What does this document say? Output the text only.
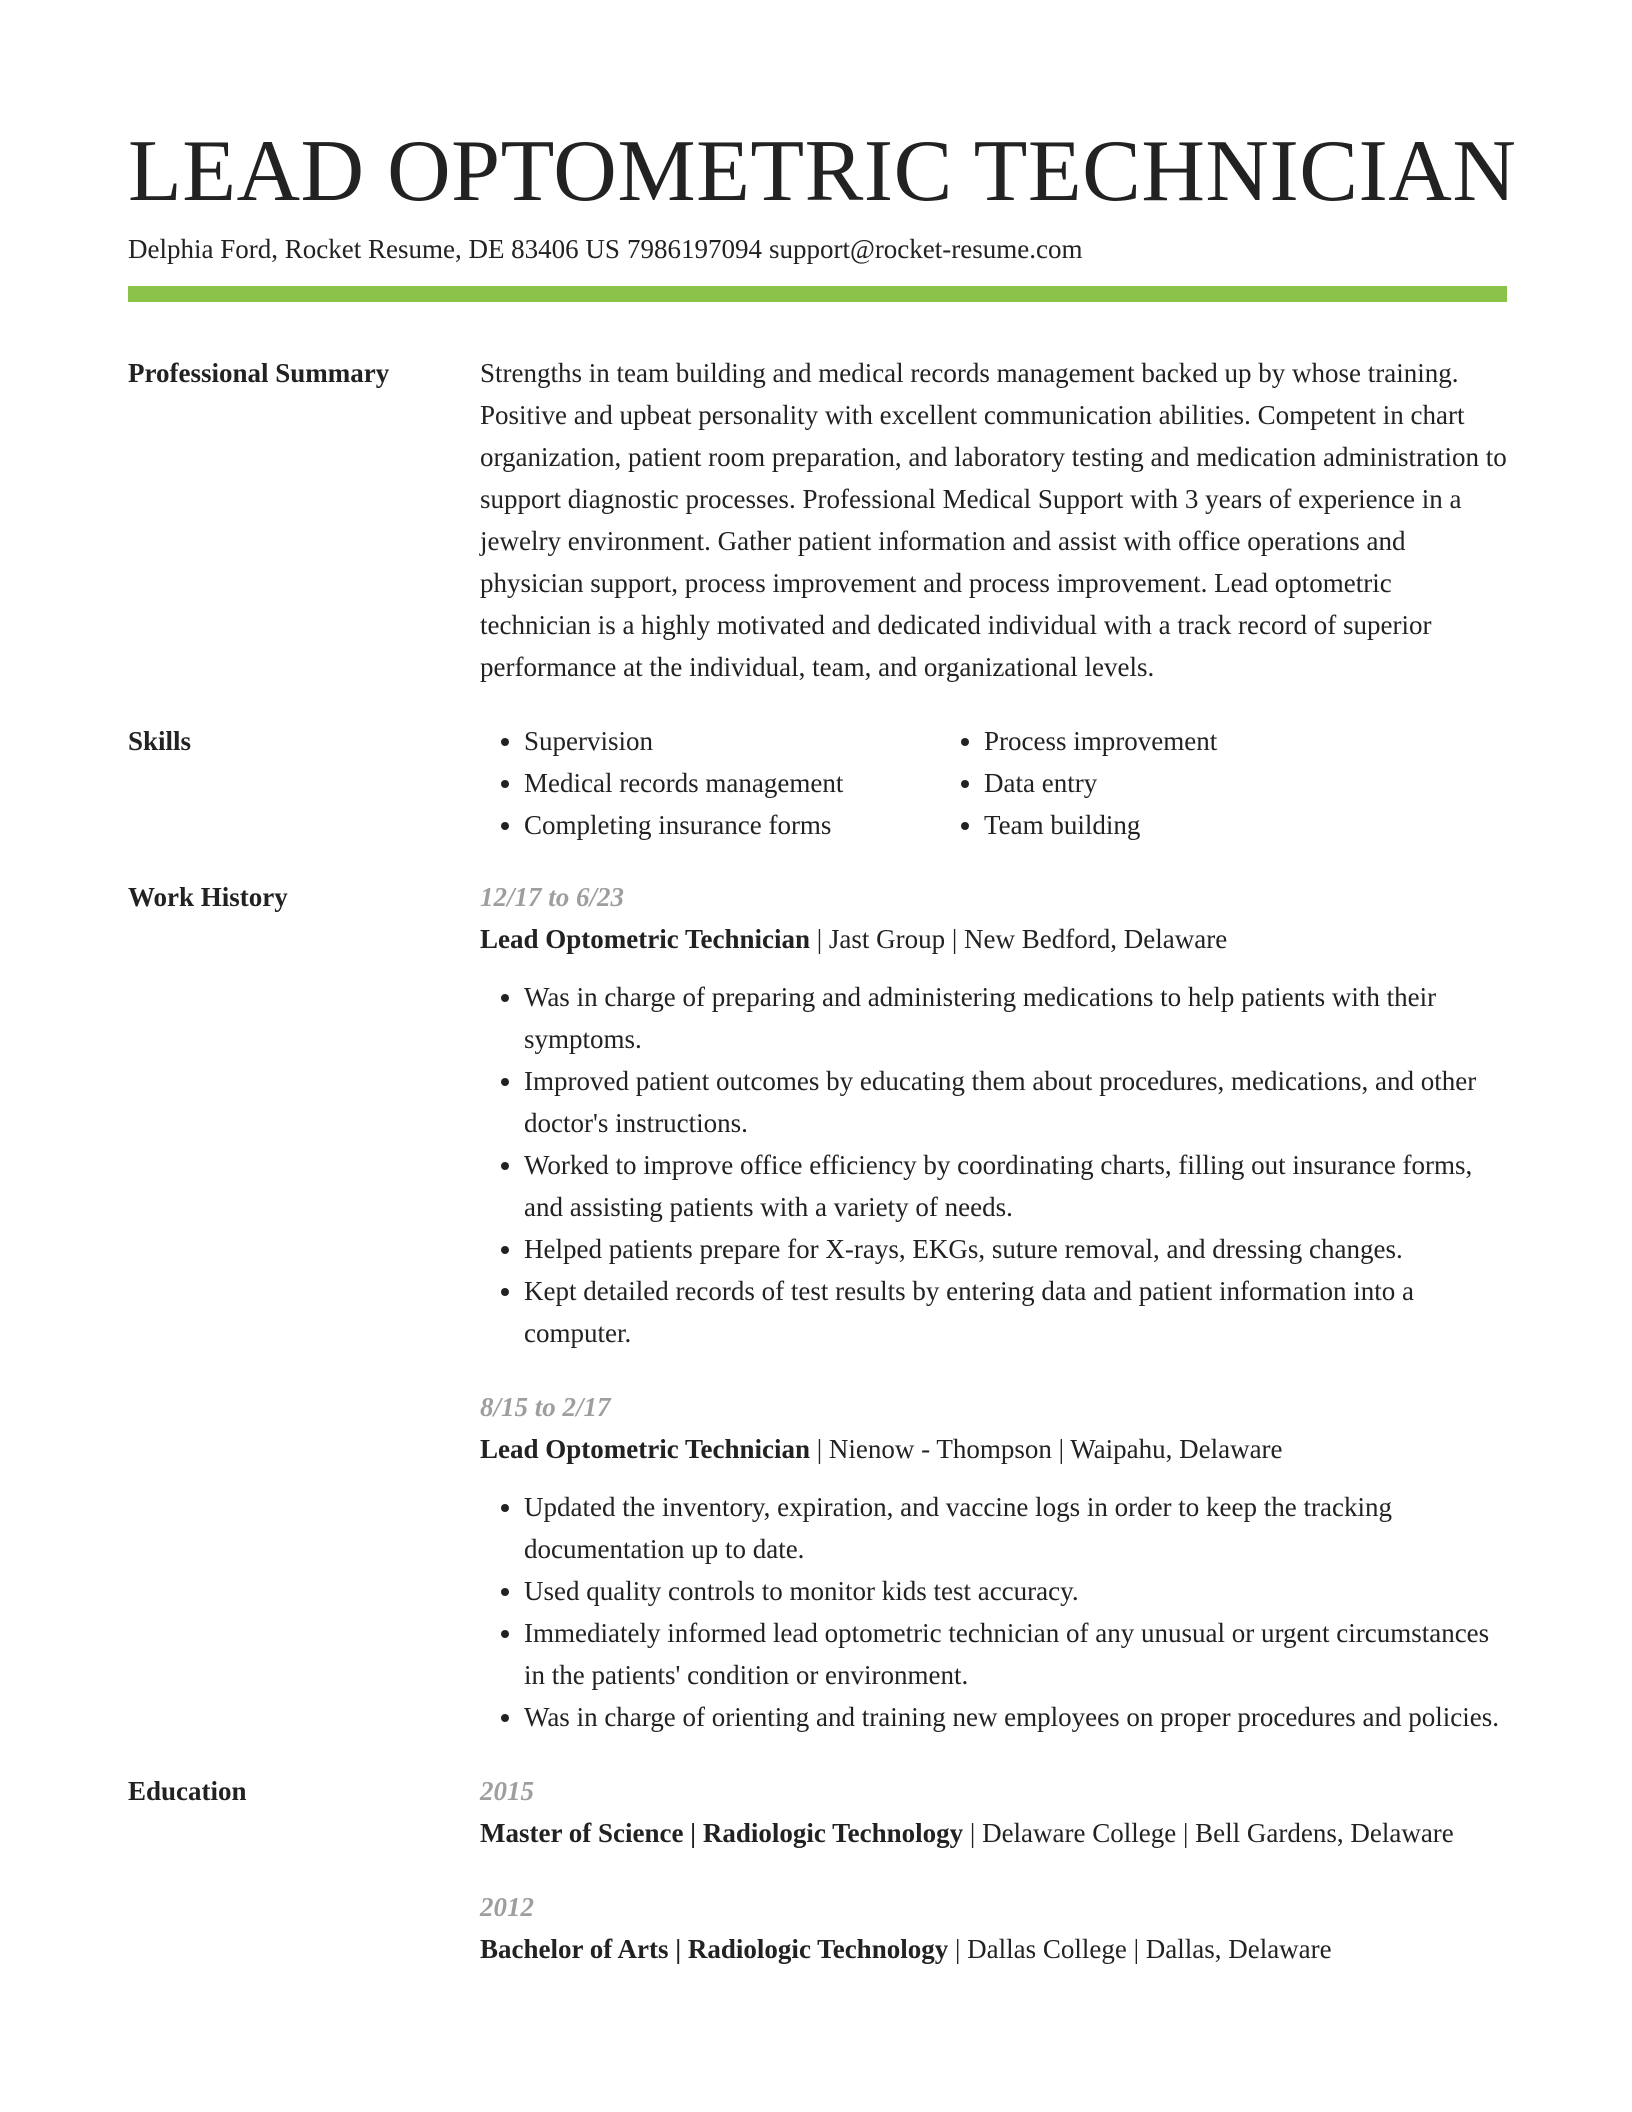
LEAD OPTOMETRIC TECHNICIAN
Delphia Ford, Rocket Resume, DE 83406 US 7986197094 support@rocket-resume.com
Professional Summary	Strengths in team building and medical records management backed up by whose training. Positive and upbeat personality with excellent communication abilities. Competent in chart organization, patient room preparation, and laboratory testing and medication administration to support diagnostic processes. Professional Medical Support with 3 years of experience in a jewelry environment. Gather patient information and assist with office operations and physician support, process improvement and process improvement. Lead optometric technician is a highly motivated and dedicated individual with a track record of superior performance at the individual, team, and organizational levels.

Skills
•	Supervision
• Medical records management
• Completing insurance forms
• Process improvement
• Data entry
• Team building
Work History	12/17 to 6/23
Lead Optometric Technician | Jast Group | New Bedford, Delaware
• Was in charge of preparing and administering medications to help patients with their symptoms.
• Improved patient outcomes by educating them about procedures, medications, and other doctor's instructions.
• Worked to improve office efficiency by coordinating charts, filling out insurance forms, and assisting patients with a variety of needs.
• Helped patients prepare for X-rays, EKGs, suture removal, and dressing changes.
• Kept detailed records of test results by entering data and patient information into a computer.
8/15 to 2/17
Lead Optometric Technician | Nienow - Thompson | Waipahu, Delaware
• Updated the inventory, expiration, and vaccine logs in order to keep the tracking documentation up to date.
• Used quality controls to monitor kids test accuracy.
• Immediately informed lead optometric technician of any unusual or urgent circumstances in the patients' condition or environment.
• Was in charge of orienting and training new employees on proper procedures and policies.
Education	2015
Master of Science | Radiologic Technology | Delaware College | Bell Gardens, Delaware
2012
Bachelor of Arts | Radiologic Technology | Dallas College | Dallas, Delaware
